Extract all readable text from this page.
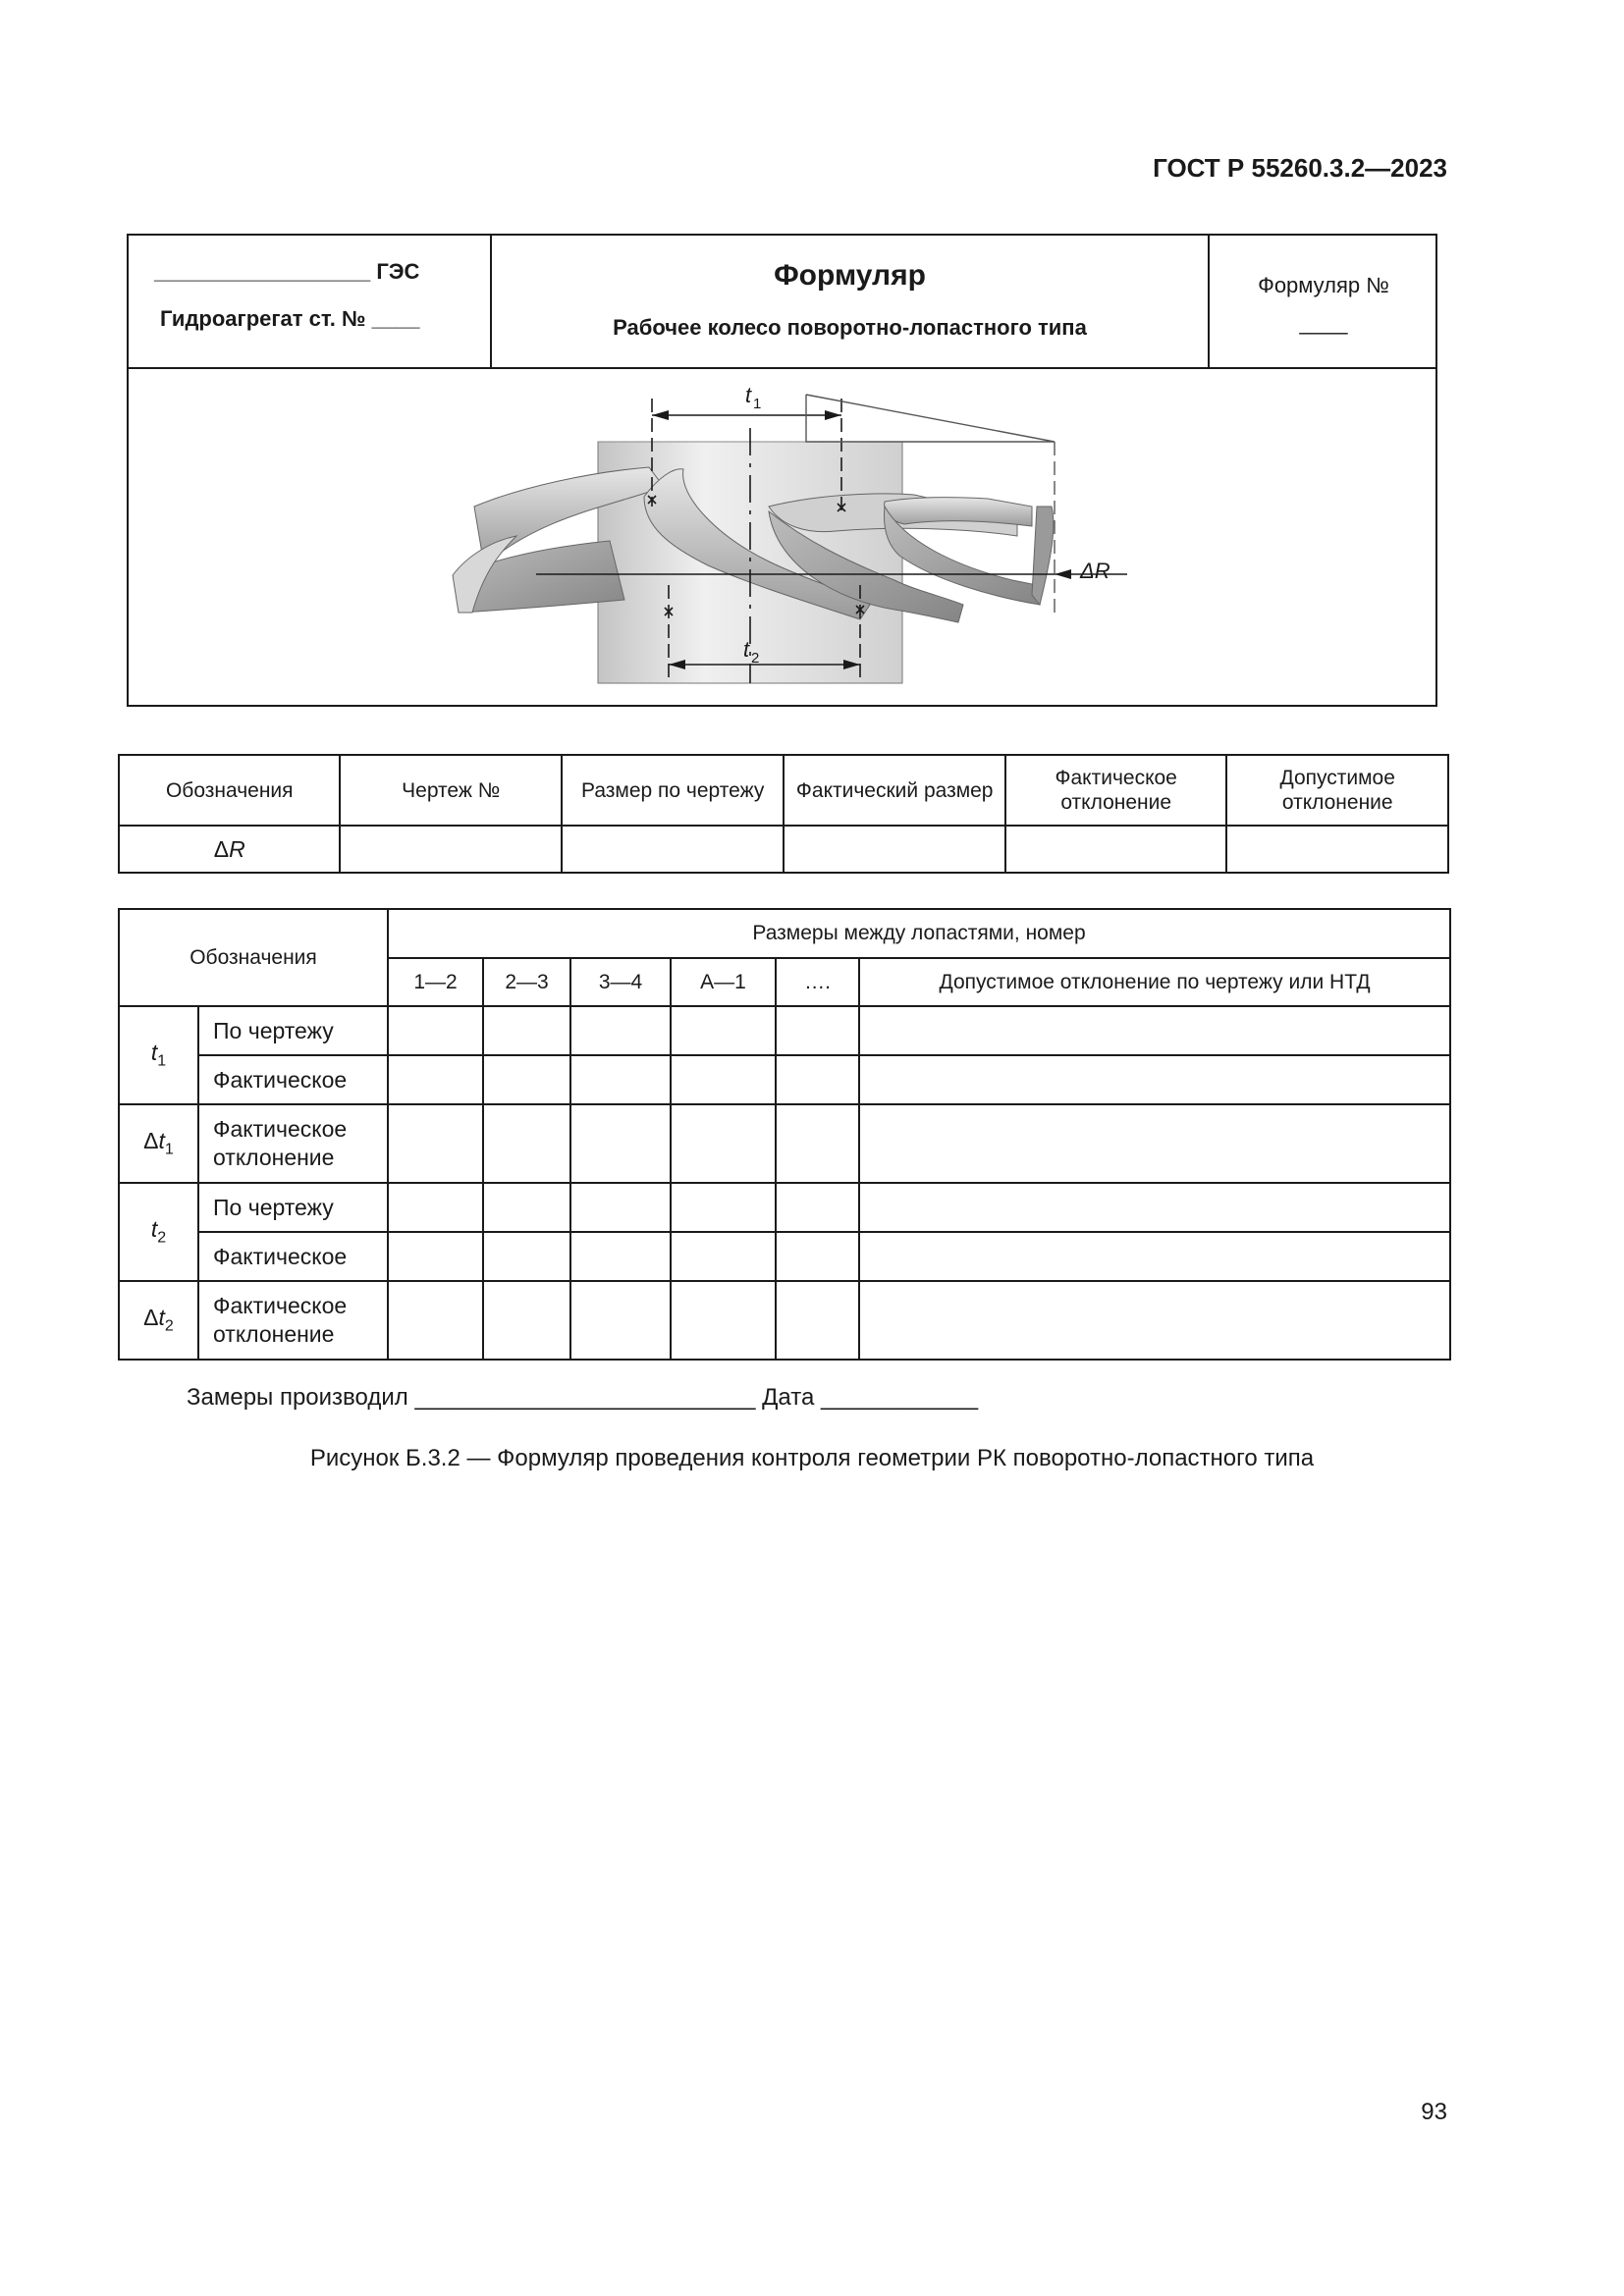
ГОСТ Р 55260.3.2—2023
__________________ ГЭС
Гидроагрегат ст. № ____
Формуляр
Рабочее колесо поворотно-лопастного типа
Формуляр №
____
t 1
t 2
ΔR
Обозначения	Чертеж №	Размер по чертежу	Фактический размер	Фактическое отклонение	Допустимое отклонение
ΔR					
Обозначения		Размеры между лопастями, номер					
		1—2	2—3	3—4	А—1	….	Допустимое отклонение по чертежу или НТД
$t_1$	По чертежу						
	Фактическое						
$\Delta t_1$	Фактическое отклонение						
$t_2$	По чертежу						
	Фактическое						
$\Delta t_2$	Фактическое отклонение						
Замеры производил __________________________ Дата ____________
Рисунок Б.3.2 — Формуляр проведения контроля геометрии РК поворотно-лопастного типа
93
